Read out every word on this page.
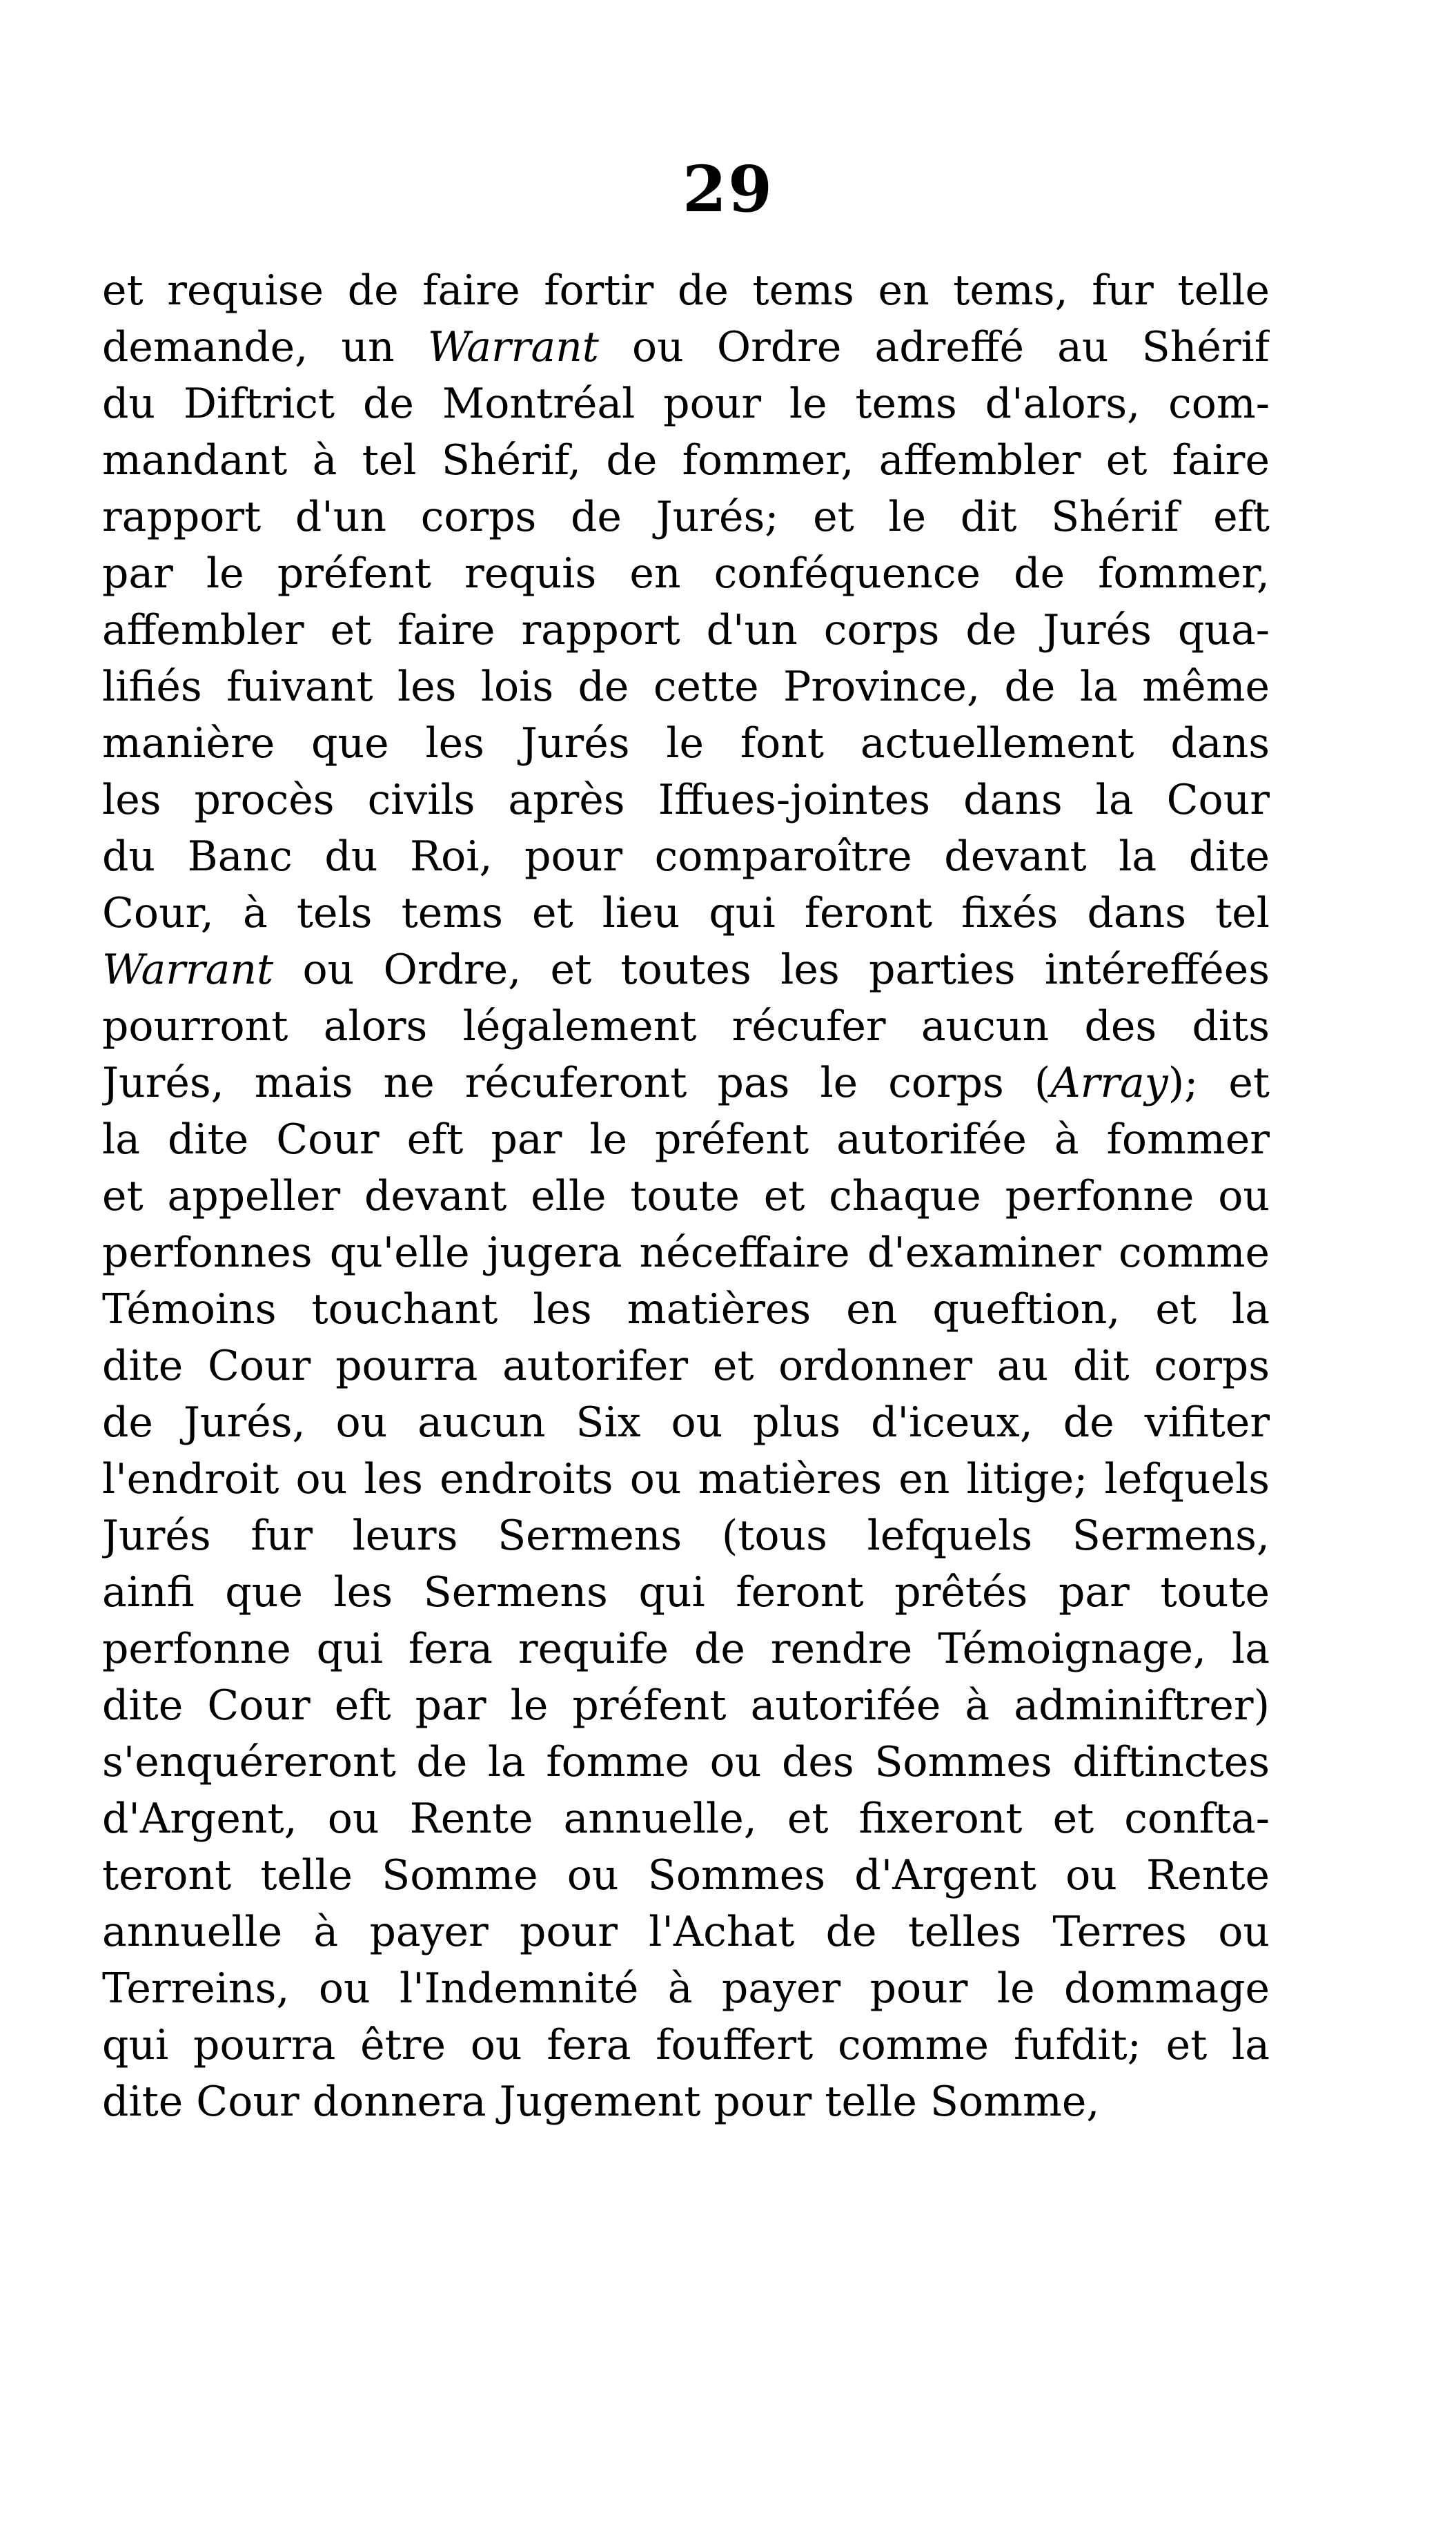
29
et requise de faire fortir de tems en tems, fur telle
demande, un Warrant ou Ordre adreffé au Shérif
du Diftrict de Montréal pour le tems d'alors, com-
mandant à tel Shérif, de fommer, affembler et faire
rapport d'un corps de Jurés; et le dit Shérif eft
par le préfent requis en conféquence de fommer,
affembler et faire rapport d'un corps de Jurés qua-
lifiés fuivant les lois de cette Province, de la même
manière que les Jurés le font actuellement dans
les procès civils après Iffues-jointes dans la Cour
du Banc du Roi, pour comparoître devant la dite
Cour, à tels tems et lieu qui feront fixés dans tel
Warrant ou Ordre, et toutes les parties intéreffées
pourront alors légalement récufer aucun des dits
Jurés, mais ne récuferont pas le corps (Array); et
la dite Cour eft par le préfent autorifée à fommer
et appeller devant elle toute et chaque perfonne ou
perfonnes qu'elle jugera néceffaire d'examiner comme
Témoins touchant les matières en queftion, et la
dite Cour pourra autorifer et ordonner au dit corps
de Jurés, ou aucun Six ou plus d'iceux, de vifiter
l'endroit ou les endroits ou matières en litige; lefquels
Jurés fur leurs Sermens (tous lefquels Sermens,
ainfi que les Sermens qui feront prêtés par toute
perfonne qui fera requife de rendre Témoignage, la
dite Cour eft par le préfent autorifée à adminiftrer)
s'enquéreront de la fomme ou des Sommes diftinctes
d'Argent, ou Rente annuelle, et fixeront et confta-
teront telle Somme ou Sommes d'Argent ou Rente
annuelle à payer pour l'Achat de telles Terres ou
Terreins, ou l'Indemnité à payer pour le dommage
qui pourra être ou fera fouffert comme fufdit; et la
dite Cour donnera Jugement pour telle Somme,
